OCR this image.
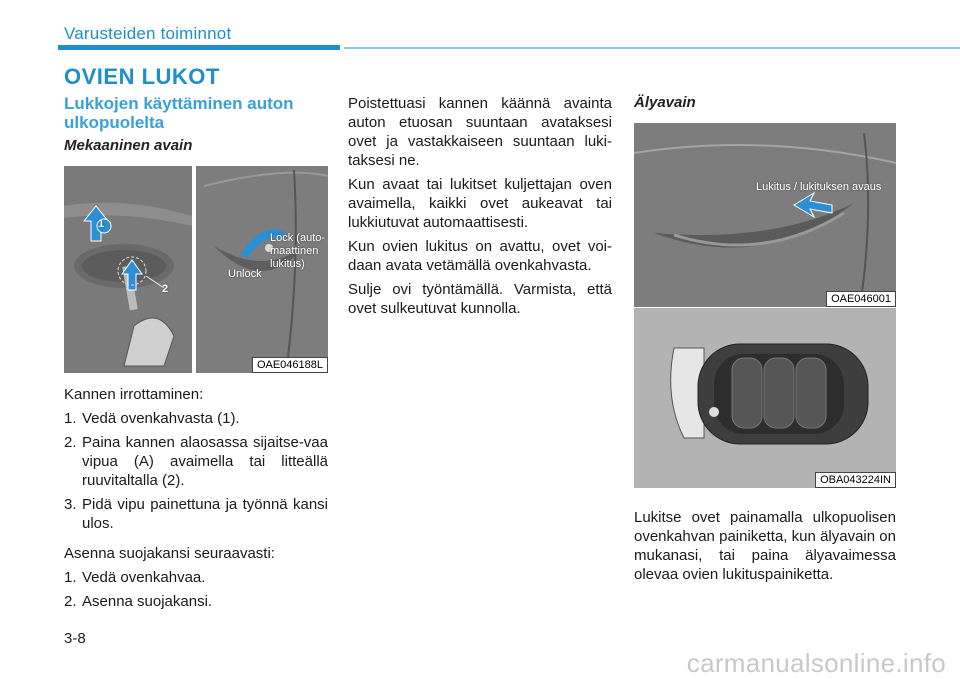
Varusteiden toiminnot
OVIEN LUKOT
Lukkojen käyttäminen auton ulkopuolelta
Mekaaninen avain
1
2
Unlock
Lock (auto-
maattinen
lukitus)
OAE046188L

Kannen irrottaminen:

1. Vedä ovenkahvasta (1).
2. Paina kannen alaosassa sijaitse-vaa vipua (A) avaimella tai litteällä ruuvitaltalla (2).
3. Pidä vipu painettuna ja työnnä kansi ulos.

Asenna suojakansi seuraavasti:

1. Vedä ovenkahvaa.
2. Asenna suojakansi.

Poistettuasi kannen käännä avainta auton etuosan suuntaan avataksesi ovet ja vastakkaiseen suuntaan luki-taksesi ne.

Kun avaat tai lukitset kuljettajan oven avaimella, kaikki ovet aukeavat tai lukkiutuvat automaattisesti.

Kun ovien lukitus on avattu, ovet voi-daan avata vetämällä ovenkahvasta.

Sulje ovi työntämällä. Varmista, että ovet sulkeutuvat kunnolla.

Älyavain
Lukitus / lukituksen avaus
OAE046001
OBA043224IN

Lukitse ovet painamalla ulkopuolisen ovenkahvan painiketta, kun älyavain on mukanasi, tai paina älyavaimessa olevaa ovien lukituspainiketta.

3-8
carmanualsonline.info
